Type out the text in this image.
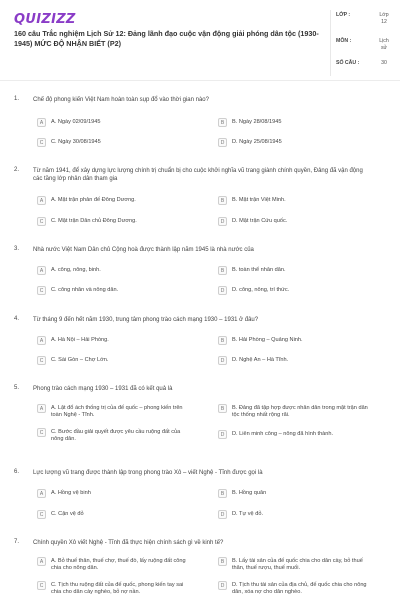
QUIZIZZ
160 câu Trắc nghiệm Lịch Sử 12: Đảng lãnh đạo cuộc vận động giải phóng dân tộc (1930-1945) MỨC ĐỘ NHẬN BIẾT (P2)
LỚP :	Lớp 12
MÔN :	Lịch sử
SỐ CÂU :	30
1. Chế độ phong kiến Việt Nam hoàn toàn sụp đổ vào thời gian nào?
A	A. Ngày 02/09/1945	B	B. Ngày 28/08/1945
C	C. Ngày 30/08/1945	D	D. Ngày 25/08/1945
2. Từ năm 1941, để xây dựng lực lượng chính trị chuẩn bị cho cuộc khởi nghĩa vũ trang giành chính quyền, Đảng đã vận động các tầng lớp nhân dân tham gia
A	A. Mặt trận phản đế Đông Dương.	B	B. Mặt trận Việt Minh.
C	C. Mặt trận Dân chủ Đông Dương.	D	D. Mặt trận Cứu quốc.
3. Nhà nước Việt Nam Dân chủ Cộng hoà được thành lập năm 1945 là nhà nước của
A	A. công, nông, binh.	B	B. toàn thể nhân dân.
C	C. công nhân và nông dân.	D	D. công, nông, trí thức.
4. Từ tháng 9 đến hết năm 1930, trung tâm phong trào cách mạng 1930 – 1931 ở đâu?
A	A. Hà Nội – Hải Phòng.	B	B. Hải Phòng – Quảng Ninh.
C	C. Sài Gòn – Chợ Lớn.	D	D. Nghệ An – Hà Tĩnh.
5. Phong trào cách mạng 1930 – 1931 đã có kết quả là
A	A. Lật đổ ách thống trị của đế quốc – phong kiến trên toàn Nghệ - Tĩnh.
B	B. Đảng đã tập hợp được nhân dân trong mặt trận dân tộc thống nhất rộng rãi.
C	C. Bước đầu giải quyết được yêu cầu ruộng đất của nông dân.
D	D. Liên minh công – nông đã hình thành.
6. Lực lượng vũ trang được thành lập trong phong trào Xô – viết Nghệ - Tĩnh được gọi là
A	A. Hồng vệ binh	B	B. Hồng quân
C	C. Cận vệ đỏ	D	D. Tự vệ đỏ.
7. Chính quyền Xô viết Nghệ - Tĩnh đã thực hiện chính sách gì về kinh tế?
A	A. Bỏ thuế thân, thuế chợ, thuế đò, lấy ruộng đất công chia cho nông dân.
B	B. Lấy tài sản của đế quốc chia cho dân cày, bỏ thuế thân, thuế rượu, thuế muối.
C	C. Tịch thu ruộng đất của đế quốc, phong kiến tay sai chia cho dân cày nghèo, bỏ nợ nần.
D	D. Tịch thu tài sản của địa chủ, đế quốc chia cho nông dân, xóa nợ cho dân nghèo.
